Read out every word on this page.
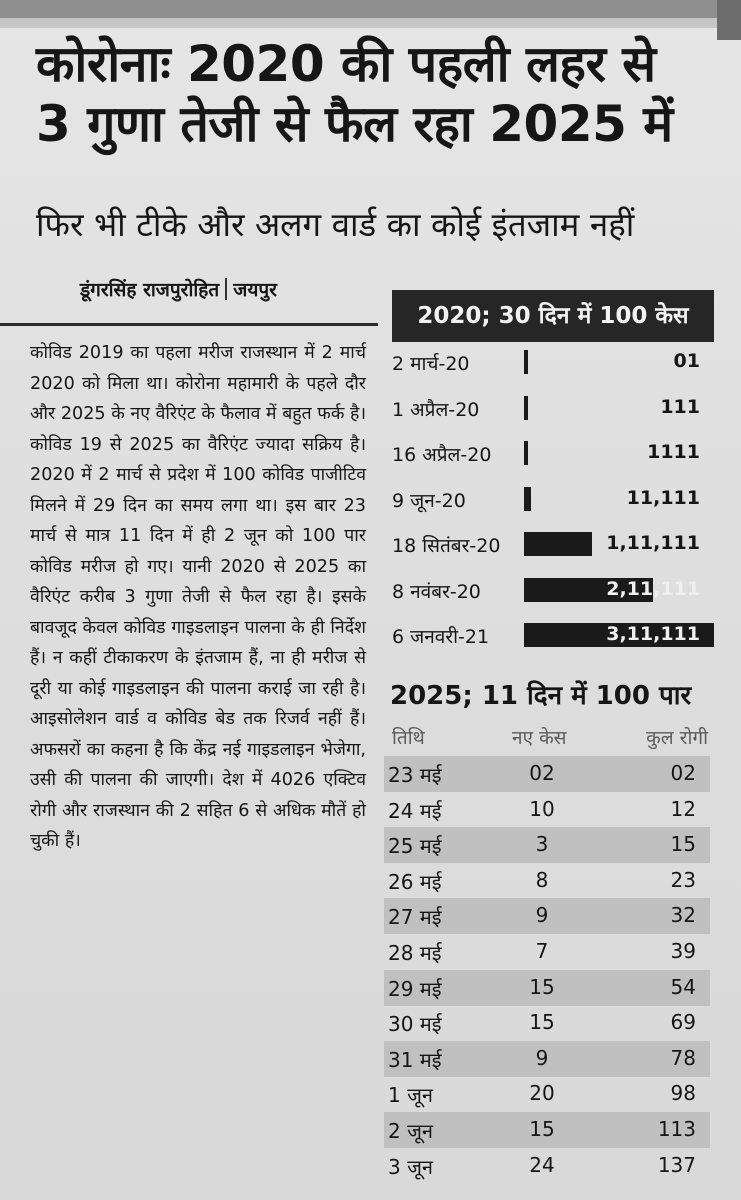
कोरोनाः 2020 की पहली लहर से
3 गुणा तेजी से फैल रहा 2025 में
फिर भी टीके और अलग वार्ड का कोई इंतजाम नहीं
डूंगरसिंह राजपुरोहित जयपुर
कोविड 2019 का पहला मरीज राजस्थान में 2 मार्च 2020 को मिला था। कोरोना महामारी के पहले दौर और 2025 के नए वैरिएंट के फैलाव में बहुत फर्क है। कोविड 19 से 2025 का वैरिएंट ज्यादा सक्रिय है। 2020 में 2 मार्च से प्रदेश में 100 कोविड पाजीटिव मिलने में 29 दिन का समय लगा था। इस बार 23 मार्च से मात्र 11 दिन में ही 2 जून को 100 पार कोविड मरीज हो गए। यानी 2020 से 2025 का वैरिएंट करीब 3 गुणा तेजी से फैल रहा है। इसके बावजूद केवल कोविड गाइडलाइन पालना के ही निर्देश हैं। न कहीं टीकाकरण के इंतजाम हैं, ना ही मरीज से दूरी या कोई गाइडलाइन की पालना कराई जा रही है। आइसोलेशन वार्ड व कोविड बेड तक रिजर्व नहीं हैं। अफसरों का कहना है कि केंद्र नई गाइडलाइन भेजेगा, उसी की पालना की जाएगी। देश में 4026 एक्टिव रोगी और राजस्थान की 2 सहित 6 से अधिक मौतें हो चुकी हैं।
2020; 30 दिन में 100 केस
2 मार्च-20	01
1 अप्रैल-20	111
16 अप्रैल-20	1111
9 जून-20	11,111
18 सितंबर-20	1,11,111
8 नवंबर-20	2,11,111
6 जनवरी-21	3,11,111
2025; 11 दिन में 100 पार
तिथि	नए केस	कुल रोगी
23 मई	02	02
24 मई	10	12
25 मई	3	15
26 मई	8	23
27 मई	9	32
28 मई	7	39
29 मई	15	54
30 मई	15	69
31 मई	9	78
1 जून	20	98
2 जून	15	113
3 जून	24	137
